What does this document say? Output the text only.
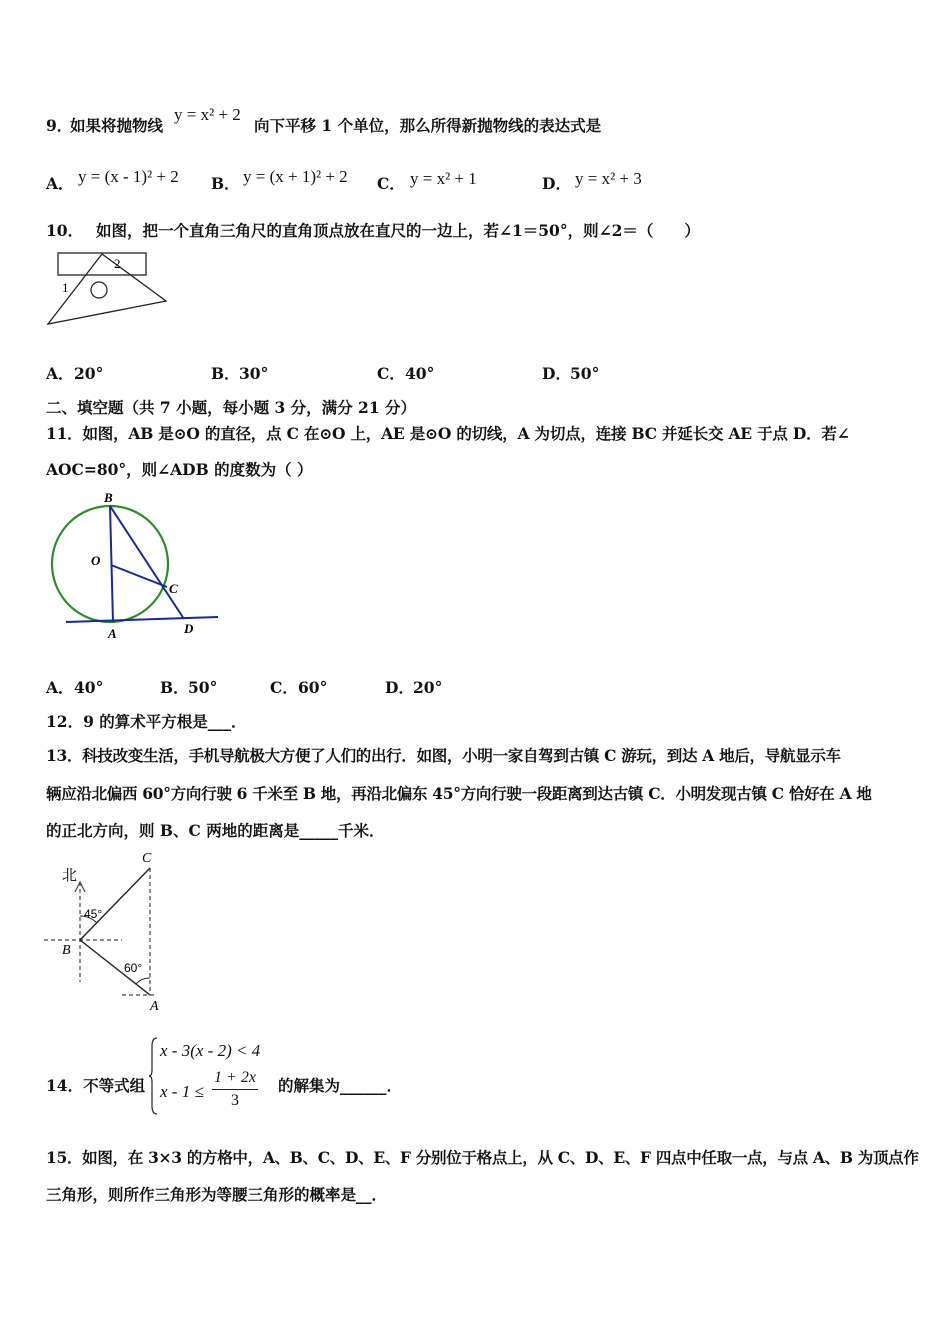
9．
如果将抛物线
y = x² + 2
向下平移 1 个单位，那么所得新抛物线的表达式是
A． y = (x - 1)² + 2 B． y = (x + 1)² + 2 C． y = x² + 1	D． y = x² + 3
10． 如图，把一个直角三角尺的直角顶点放在直尺的一边上，若∠1＝50°，则∠2＝（　　）
1
2
A． 20°	B． 30°	C． 40°	D． 50°
二、填空题（共 7 小题，每小题 3 分，满分 21 分）
11．如图，AB 是⊙O 的直径，点 C 在⊙O 上，AE 是⊙O 的切线，A 为切点，连接 BC 并延长交 AE 于点 D．若∠
AOC=80°，则∠ADB 的度数为（ ）
B
O
C
A	D
A． 40°	B． 50°	C． 60°	D． 20°
12．9 的算术平方根是___．
13．科技改变生活，手机导航极大方便了人们的出行．如图，小明一家自驾到古镇 C 游玩，到达 A 地后，导航显示车
辆应沿北偏西 60°方向行驶 6 千米至 B 地，再沿北偏东 45°方向行驶一段距离到达古镇 C．小明发现古镇 C 恰好在 A 地
的正北方向，则 B、C 两地的距离是_____千米．
北
C
B
A
45°
60°
14．不等式组
x - 3(x - 2) < 4
x - 1 ≤
1 + 2x
3
的解集为______．
15．如图，在 3×3 的方格中，A、B、C、D、E、F 分别位于格点上，从 C、D、E、F 四点中任取一点，与点 A、B 为顶点作
三角形，则所作三角形为等腰三角形的概率是__．
